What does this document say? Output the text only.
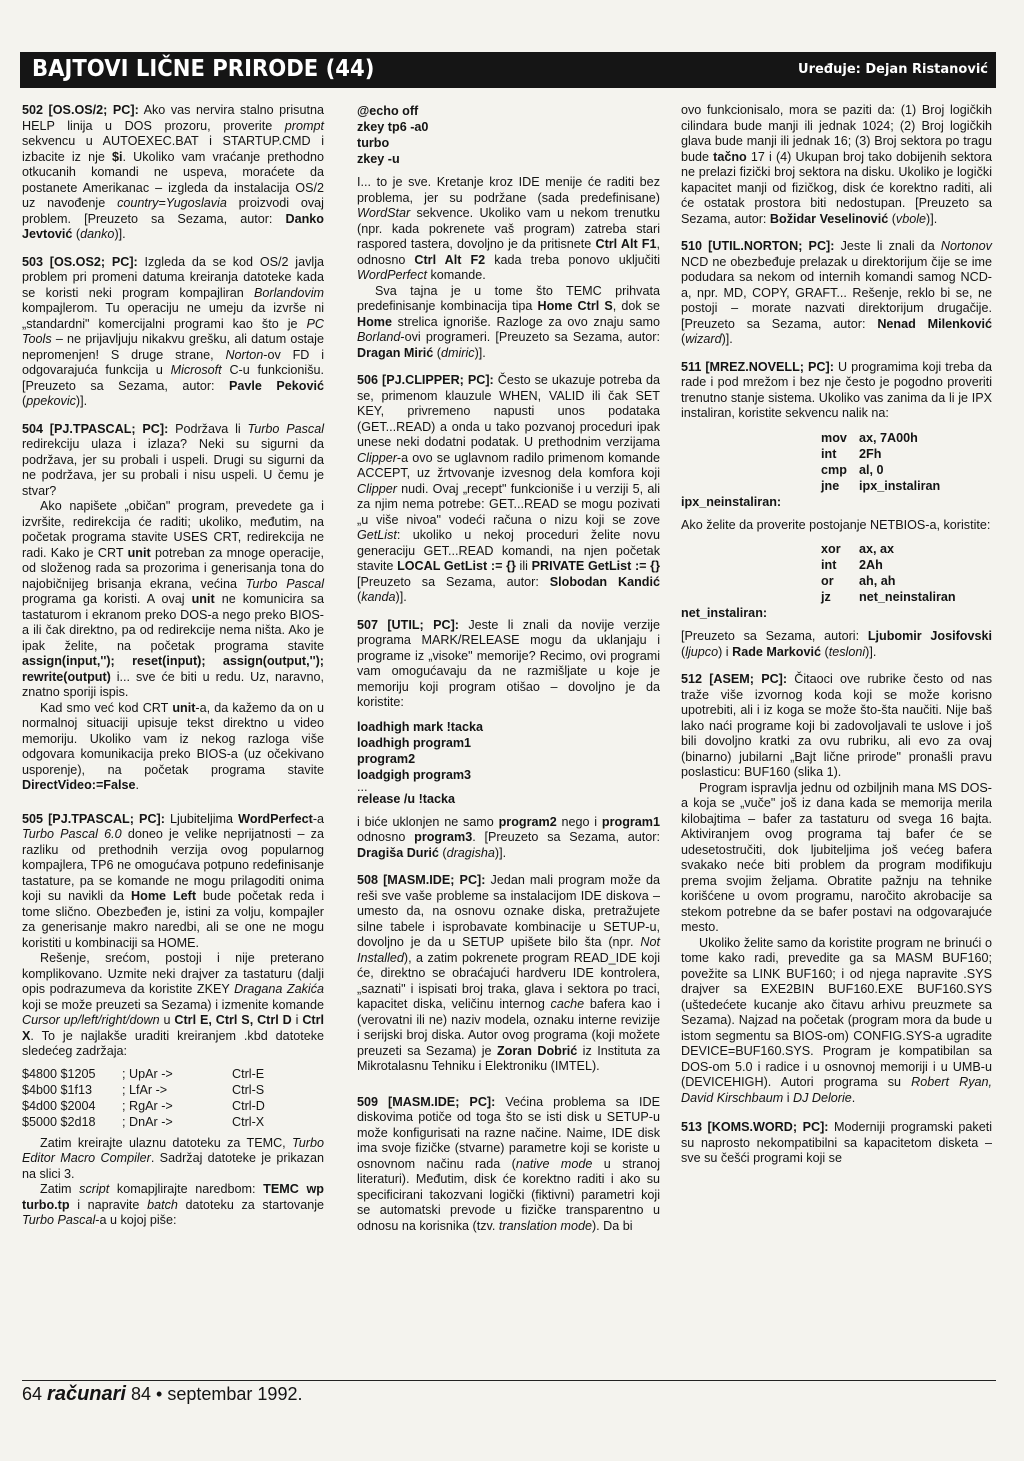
BAJTOVI LIČNE PRIRODE (44)	Uređuje: Dejan Ristanović

502 [OS.OS/2; PC]: Ako vas nervira stalno prisutna HELP linija u DOS prozoru, proverite prompt sekvencu u AUTOEXEC.BAT i STARTUP.CMD i izbacite iz nje $i. Ukoliko vam vraćanje prethodno otkucanih komandi ne uspeva, moraćete da postanete Amerikanac – izgleda da instalacija OS/2 uz navođenje country=Yugoslavia proizvodi ovaj problem. [Preuzeto sa Sezama, autor: Danko Jevtović (danko)].

503 [OS.OS2; PC]: Izgleda da se kod OS/2 javlja problem pri promeni datuma kreiranja datoteke kada se koristi neki program kompajliran Borlandovim kompajlerom. Tu operaciju ne umeju da izvrše ni „standardni" komercijalni programi kao što je PC Tools – ne prijavljuju nikakvu grešku, ali datum ostaje nepromenjen! S druge strane, Norton-ov FD i odgovarajuća funkcija u Microsoft C-u funkcionišu. [Preuzeto sa Sezama, autor: Pavle Peković (ppekovic)].

504 [PJ.TPASCAL; PC]: Podržava li Turbo Pascal redirekciju ulaza i izlaza? Neki su sigurni da podržava, jer su probali i uspeli. Drugi su sigurni da ne podržava, jer su probali i nisu uspeli. U čemu je stvar?

Ako napišete „običan" program, prevedete ga i izvršite, redirekcija će raditi; ukoliko, međutim, na početak programa stavite USES CRT, redirekcija ne radi. Kako je CRT unit potreban za mnoge operacije, od složenog rada sa prozorima i generisanja tona do najobičnijeg brisanja ekrana, većina Turbo Pascal programa ga koristi. A ovaj unit ne komunicira sa tastaturom i ekranom preko DOS-a nego preko BIOS-a ili čak direktno, pa od redirekcije nema ništa. Ako je ipak želite, na početak programa stavite assign(input,''); reset(input); assign(output,''); rewrite(output) i... sve će biti u redu. Uz, naravno, znatno sporiji ispis.

Kad smo već kod CRT unit-a, da kažemo da on u normalnoj situaciji upisuje tekst direktno u video memoriju. Ukoliko vam iz nekog razloga više odgovara komunikacija preko BIOS-a (uz očekivano usporenje), na početak programa stavite DirectVideo:=False.

505 [PJ.TPASCAL; PC]: Ljubiteljima WordPerfect-a Turbo Pascal 6.0 doneo je velike neprijatnosti – za razliku od prethodnih verzija ovog popularnog kompajlera, TP6 ne omogućava potpuno redefinisanje tastature, pa se komande ne mogu prilagoditi onima koji su navikli da Home Left bude početak reda i tome slično. Obezbeđen je, istini za volju, kompajler za generisanje makro naredbi, ali se one ne mogu koristiti u kombinaciji sa HOME.

Rešenje, srećom, postoji i nije preterano komplikovano. Uzmite neki drajver za tastaturu (dalji opis podrazumeva da koristite ZKEY Dragana Zakića koji se može preuzeti sa Sezama) i izmenite komande Cursor up/left/right/down u Ctrl E, Ctrl S, Ctrl D i Ctrl X. To je najlakše uraditi kreiranjem .kbd datoteke sledećeg zadržaja:

$4800 $1205	; UpAr ->	Ctrl-E
$4b00 $1f13	; LfAr ->	Ctrl-S
$4d00 $2004	; RgAr ->	Ctrl-D
$5000 $2d18	; DnAr ->	Ctrl-X

Zatim kreirajte ulaznu datoteku za TEMC, Turbo Editor Macro Compiler. Sadržaj datoteke je prikazan na slici 3.

Zatim script komapjlirajte naredbom: TEMC wp turbo.tp i napravite batch datoteku za startovanje Turbo Pascal-a u kojoj piše:

@echo off
zkey tp6 -a0
turbo
zkey -u

I... to je sve. Kretanje kroz IDE menije će raditi bez problema, jer su podržane (sada predefinisane) WordStar sekvence. Ukoliko vam u nekom trenutku (npr. kada pokrenete vaš program) zatreba stari raspored tastera, dovoljno je da pritisnete Ctrl Alt F1, odnosno Ctrl Alt F2 kada treba ponovo uključiti WordPerfect komande.

Sva tajna je u tome što TEMC prihvata predefinisanje kombinacija tipa Home Ctrl S, dok se Home strelica ignoriše. Razloge za ovo znaju samo Borland-ovi programeri. [Preuzeto sa Sezama, autor: Dragan Mirić (dmiric)].

506 [PJ.CLIPPER; PC]: Često se ukazuje potreba da se, primenom klauzule WHEN, VALID ili čak SET KEY, privremeno napusti unos podataka (GET...READ) a onda u tako pozvanoj proceduri ipak unese neki dodatni podatak. U prethodnim verzijama Clipper-a ovo se uglavnom radilo primenom komande ACCEPT, uz žrtvovanje izvesnog dela komfora koji Clipper nudi. Ovaj „recept" funkcioniše i u verziji 5, ali za njim nema potrebe: GET...READ se mogu pozivati „u više nivoa" vodeći računa o nizu koji se zove GetList: ukoliko u nekoj proceduri želite novu generaciju GET...READ komandi, na njen početak stavite LOCAL GetList := {} ili PRIVATE GetList := {} [Preuzeto sa Sezama, autor: Slobodan Kandić (kanda)].

507 [UTIL; PC]: Jeste li znali da novije verzije programa MARK/RELEASE mogu da uklanjaju i programe iz „visoke" memorije? Recimo, ovi programi vam omogućavaju da ne razmišljate u koje je memoriju koji program otišao – dovoljno je da koristite:

loadhigh mark !tacka
loadhigh program1
program2
loadgigh program3
...
release /u !tacka

i biće uklonjen ne samo program2 nego i program1 odnosno program3. [Preuzeto sa Sezama, autor: Dragiša Durić (dragisha)].

508 [MASM.IDE; PC]: Jedan mali program može da reši sve vaše probleme sa instalacijom IDE diskova – umesto da, na osnovu oznake diska, pretražujete silne tabele i isprobavate kombinacije u SETUP-u, dovoljno je da u SETUP upišete bilo šta (npr. Not Installed), a zatim pokrenete program READ_IDE koji će, direktno se obraćajući hardveru IDE kontrolera, „saznati" i ispisati broj traka, glava i sektora po traci, kapacitet diska, veličinu internog cache bafera kao i (verovatni ili ne) naziv modela, oznaku interne revizije i serijski broj diska. Autor ovog programa (koji možete preuzeti sa Sezama) je Zoran Dobrić iz Instituta za Mikrotalasnu Tehniku i Elektroniku (IMTEL).

509 [MASM.IDE; PC]: Većina problema sa IDE diskovima potiče od toga što se isti disk u SETUP-u može konfigurisati na razne načine. Naime, IDE disk ima svoje fizičke (stvarne) parametre koji se koriste u osnovnom načinu rada (native mode u stranoj literaturi). Međutim, disk će korektno raditi i ako su specificirani takozvani logički (fiktivni) parametri koji se automatski prevode u fizičke transparentno u odnosu na korisnika (tzv. translation mode). Da bi

ovo funkcionisalo, mora se paziti da: (1) Broj logičkih cilindara bude manji ili jednak 1024; (2) Broj logičkih glava bude manji ili jednak 16; (3) Broj sektora po tragu bude tačno 17 i (4) Ukupan broj tako dobijenih sektora ne prelazi fizički broj sektora na disku. Ukoliko je logički kapacitet manji od fizičkog, disk će korektno raditi, ali će ostatak prostora biti nedostupan. [Preuzeto sa Sezama, autor: Božidar Veselinović (vbole)].

510 [UTIL.NORTON; PC]: Jeste li znali da Nortonov NCD ne obezbeđuje prelazak u direktorijum čije se ime podudara sa nekom od internih komandi samog NCD-a, npr. MD, COPY, GRAFT... Rešenje, reklo bi se, ne postoji – morate nazvati direktorijum drugačije. [Preuzeto sa Sezama, autor: Nenad Milenković (wizard)].

511 [MREZ.NOVELL; PC]: U programima koji treba da rade i pod mrežom i bez nje često je pogodno proveriti trenutno stanje sistema. Ukoliko vas zanima da li je IPX instaliran, koristite sekvencu nalik na:

mov ax, 7A00h
int	2Fh
cmp al, 0
jne	ipx_instaliran
ipx_neinstaliran:

Ako želite da proverite postojanje NETBIOS-a, koristite:

xor	ax, ax
int	2Ah
or	ah, ah
jz	net_neinstaliran
net_instaliran:

[Preuzeto sa Sezama, autori: Ljubomir Josifovski (ljupco) i Rade Marković (tesloni)].

512 [ASEM; PC]: Čitaoci ove rubrike često od nas traže više izvornog koda koji se može korisno upotrebiti, ali i iz koga se može što-šta naučiti. Nije baš lako naći programe koji bi zadovoljavali te uslove i još bili dovoljno kratki za ovu rubriku, ali evo za ovaj (binarno) jubilarni „Bajt lične prirode" pronašli pravu poslasticu: BUF160 (slika 1).

Program ispravlja jednu od ozbiljnih mana MS DOS-a koja se „vuče" još iz dana kada se memorija merila kilobajtima – bafer za tastaturu od svega 16 bajta. Aktiviranjem ovog programa taj bafer će se udesetostručiti, dok ljubiteljima još većeg bafera svakako neće biti problem da program modifikuju prema svojim željama. Obratite pažnju na tehnike korišćene u ovom programu, naročito akrobacije sa stekom potrebne da se bafer postavi na odgovarajuće mesto.

Ukoliko želite samo da koristite program ne brinući o tome kako radi, prevedite ga sa MASM BUF160; povežite sa LINK BUF160; i od njega napravite .SYS drajver sa EXE2BIN BUF160.EXE BUF160.SYS (uštedećete kucanje ako čitavu arhivu preuzmete sa Sezama). Najzad na početak (program mora da bude u istom segmentu sa BIOS-om) CONFIG.SYS-a ugradite DEVICE=BUF160.SYS. Program je kompatibilan sa DOS-om 5.0 i radice i u osnovnoj memoriji i u UMB-u (DEVICEHIGH). Autori programa su Robert Ryan, David Kirschbaum i DJ Delorie.

513 [KOMS.WORD; PC]: Moderniji programski paketi su naprosto nekompatibilni sa kapacitetom disketa – sve su češći programi koji se

64 računari 84 • septembar 1992.
